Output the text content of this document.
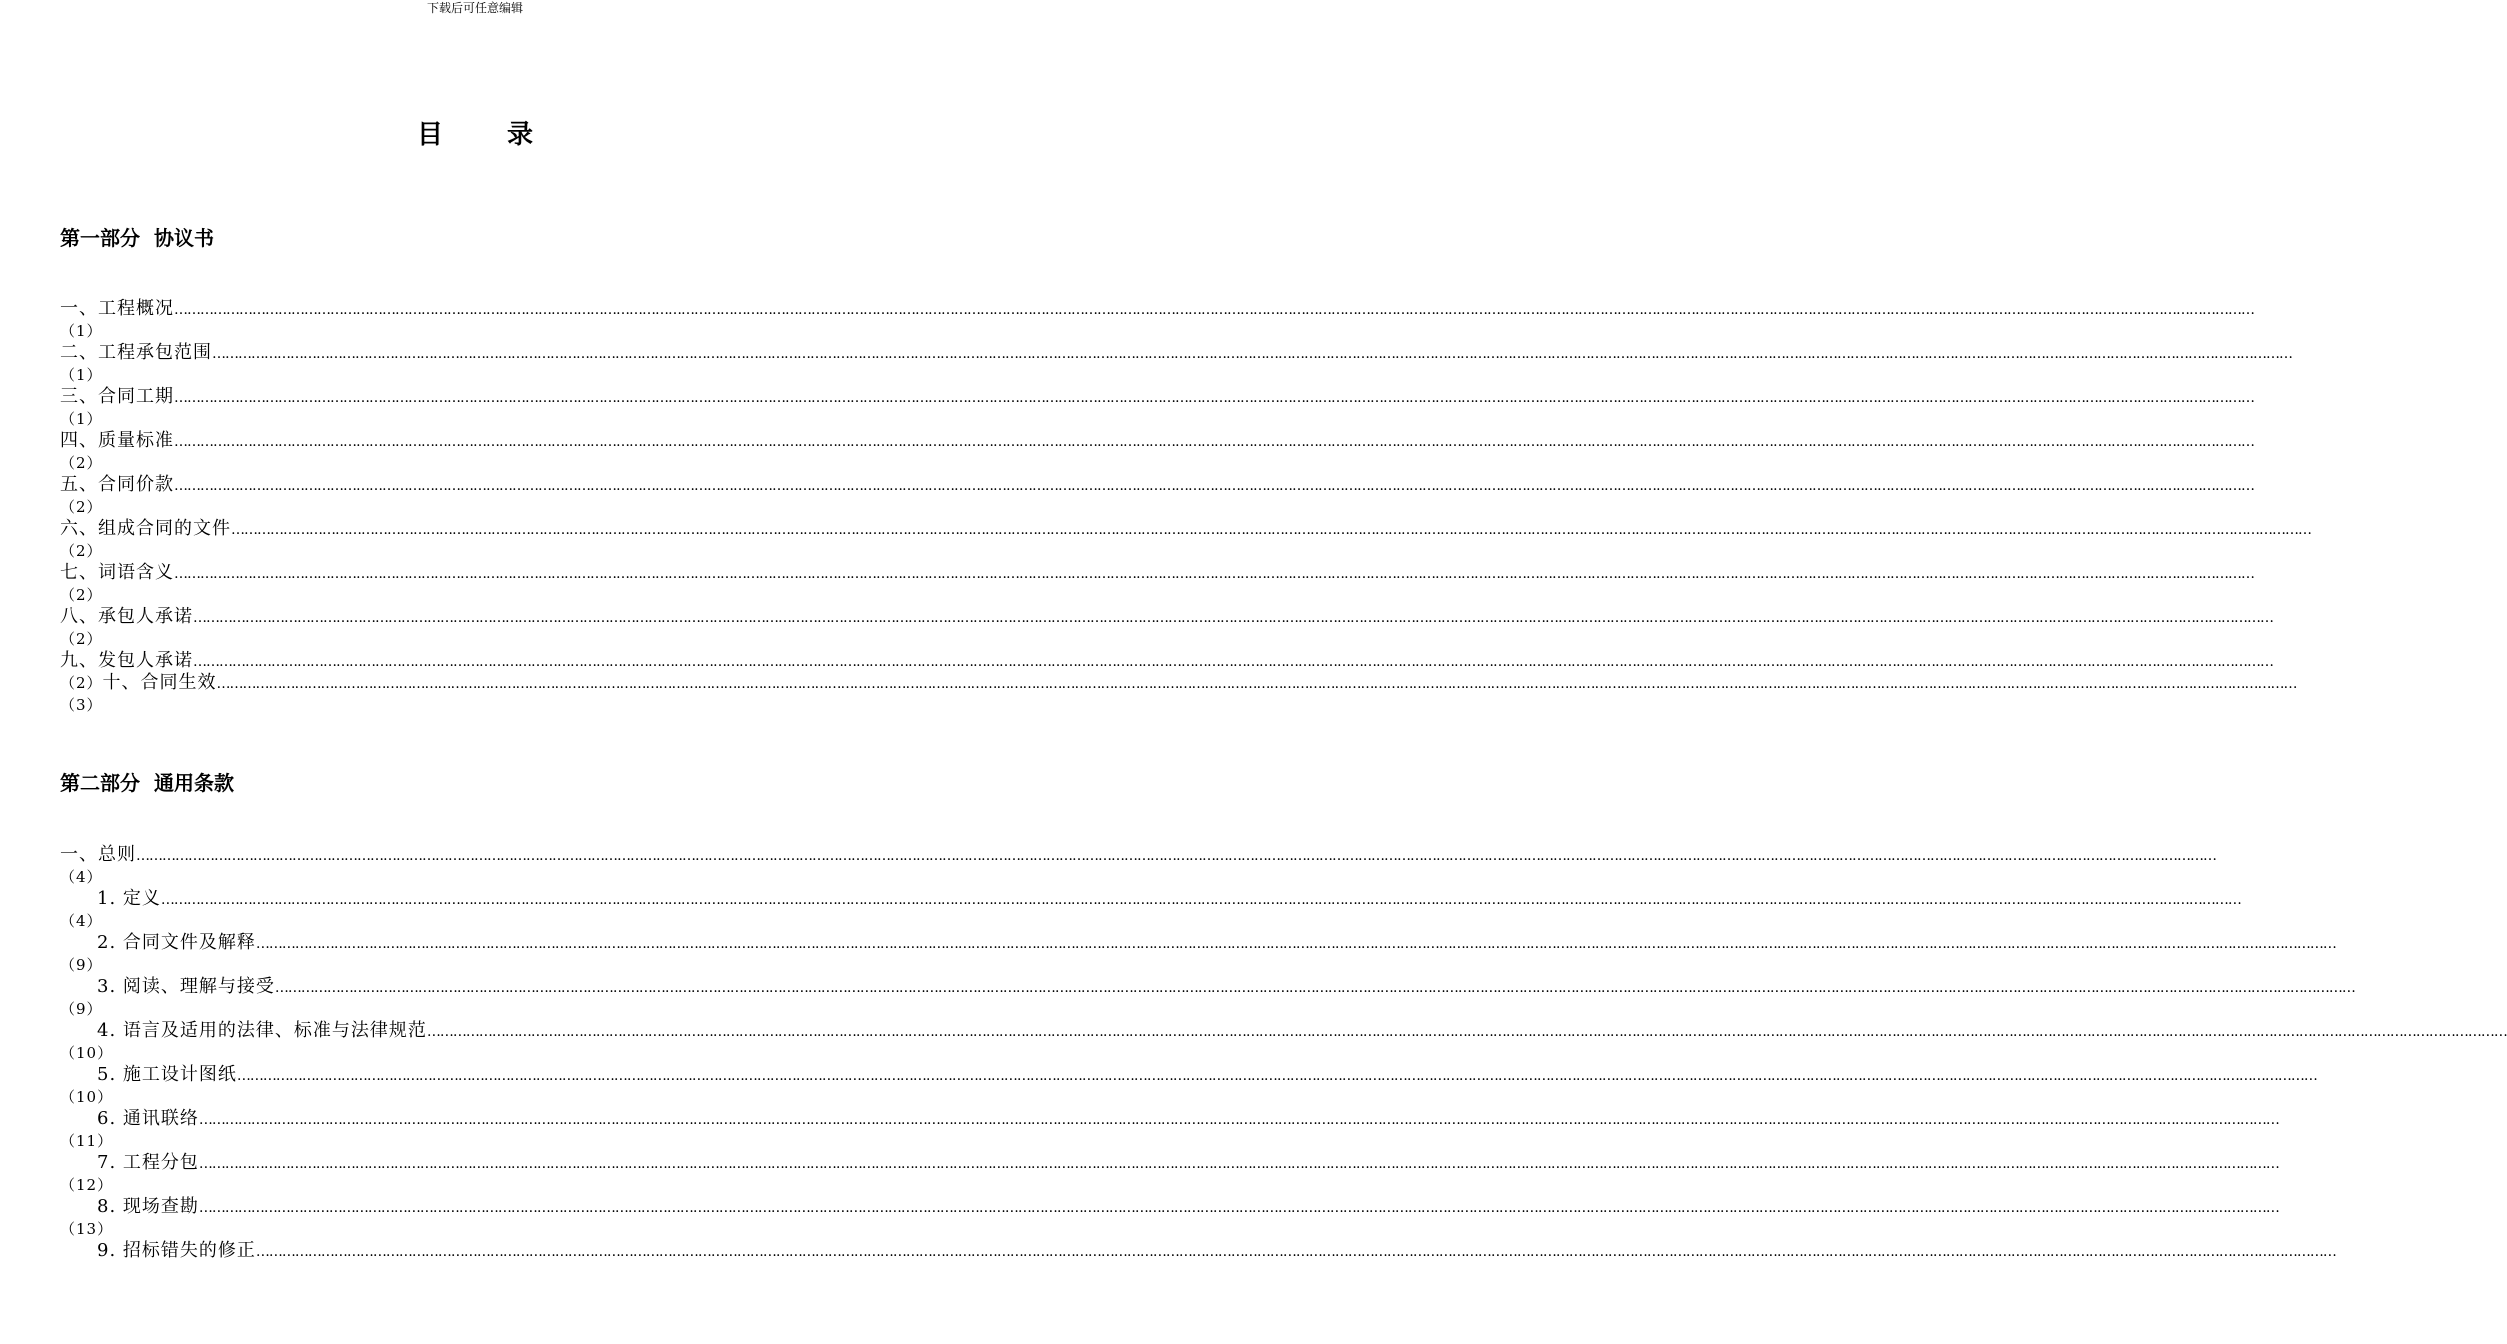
下载后可任意编辑
目 录
第一部分 协议书
一、工程概况 …………………………………………………………………………………………………………………………………………………………………………………………………………………………………………………………………………………………………………………………………………………………………………………………………………………………………………
（1）
二、工程承包范围 …………………………………………………………………………………………………………………………………………………………………………………………………………………………………………………………………………………………………………………………………………………………………………………………………………………………………………
（1）
三、合同工期 …………………………………………………………………………………………………………………………………………………………………………………………………………………………………………………………………………………………………………………………………………………………………………………………………………………………………………
（1）
四、质量标准 …………………………………………………………………………………………………………………………………………………………………………………………………………………………………………………………………………………………………………………………………………………………………………………………………………………………………………
（2）
五、合同价款 …………………………………………………………………………………………………………………………………………………………………………………………………………………………………………………………………………………………………………………………………………………………………………………………………………………………………………
（2）
六、组成合同的文件 …………………………………………………………………………………………………………………………………………………………………………………………………………………………………………………………………………………………………………………………………………………………………………………………………………………………………………
（2）
七、词语含义 …………………………………………………………………………………………………………………………………………………………………………………………………………………………………………………………………………………………………………………………………………………………………………………………………………………………………………
（2）
八、承包人承诺 …………………………………………………………………………………………………………………………………………………………………………………………………………………………………………………………………………………………………………………………………………………………………………………………………………………………………………
（2）
九、发包人承诺 …………………………………………………………………………………………………………………………………………………………………………………………………………………………………………………………………………………………………………………………………………………………………………………………………………………………………………
（2） 十、合同生效 …………………………………………………………………………………………………………………………………………………………………………………………………………………………………………………………………………………………………………………………………………………………………………………………………………………………………………
（3）
第二部分 通用条款
一、总则 …………………………………………………………………………………………………………………………………………………………………………………………………………………………………………………………………………………………………………………………………………………………………………………………………………………………………………
（4）
1. 定义 …………………………………………………………………………………………………………………………………………………………………………………………………………………………………………………………………………………………………………………………………………………………………………………………………………………………………………
（4）
2. 合同文件及解释 …………………………………………………………………………………………………………………………………………………………………………………………………………………………………………………………………………………………………………………………………………………………………………………………………………………………………………
（9）
3. 阅读、理解与接受 …………………………………………………………………………………………………………………………………………………………………………………………………………………………………………………………………………………………………………………………………………………………………………………………………………………………………………
（9）
4. 语言及适用的法律、标准与法律规范 …………………………………………………………………………………………………………………………………………………………………………………………………………………………………………………………………………………………………………………………………………………………………………………………………………………………………………
（10）
5. 施工设计图纸 …………………………………………………………………………………………………………………………………………………………………………………………………………………………………………………………………………………………………………………………………………………………………………………………………………………………………………
（10）
6. 通讯联络 …………………………………………………………………………………………………………………………………………………………………………………………………………………………………………………………………………………………………………………………………………………………………………………………………………………………………………
（11）
7. 工程分包 …………………………………………………………………………………………………………………………………………………………………………………………………………………………………………………………………………………………………………………………………………………………………………………………………………………………………………
（12）
8. 现场查勘 …………………………………………………………………………………………………………………………………………………………………………………………………………………………………………………………………………………………………………………………………………………………………………………………………………………………………………
（13）
9. 招标错失的修正 …………………………………………………………………………………………………………………………………………………………………………………………………………………………………………………………………………………………………………………………………………………………………………………………………………………………………………
